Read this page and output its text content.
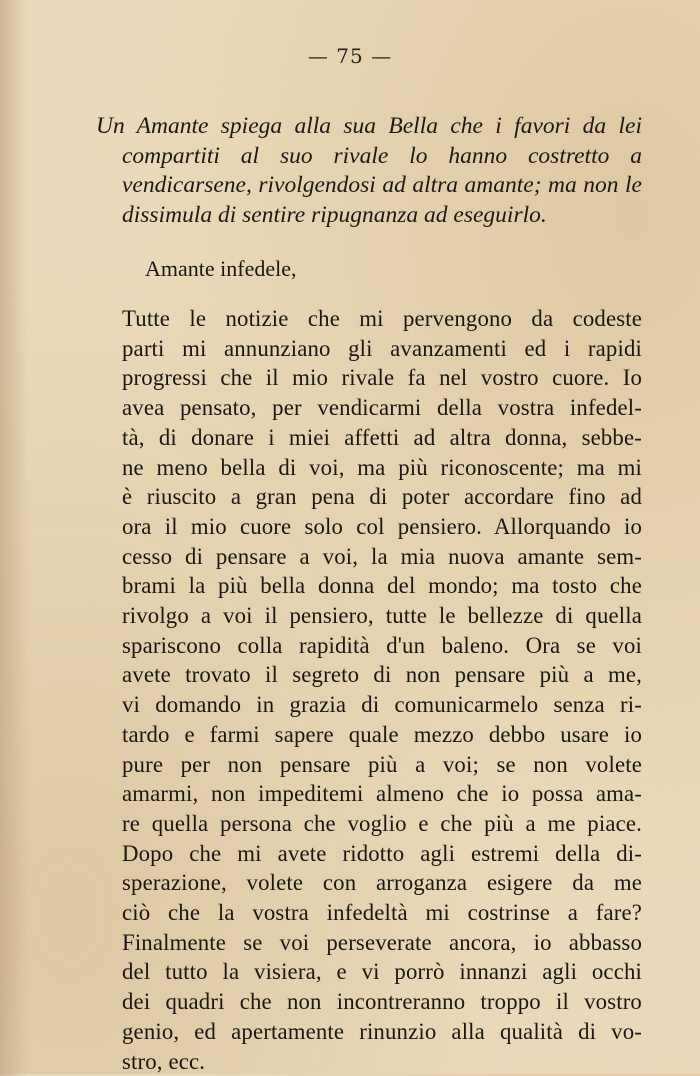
— 75 —

Un Amante spiega alla sua Bella che i favori da lei compartiti al suo rivale lo hanno costretto a vendicarsene, rivolgendosi ad altra amante; ma non le dissimula di sentire ripugnanza ad eseguirlo.

Amante infedele,

Tutte le notizie che mi pervengono da codeste
parti mi annunziano gli avanzamenti ed i rapidi
progressi che il mio rivale fa nel vostro cuore. Io
avea pensato, per vendicarmi della vostra infedel-
tà, di donare i miei affetti ad altra donna, sebbe-
ne meno bella di voi, ma più riconoscente; ma mi
è riuscito a gran pena di poter accordare fino ad
ora il mio cuore solo col pensiero. Allorquando io
cesso di pensare a voi, la mia nuova amante sem-
brami la più bella donna del mondo; ma tosto che
rivolgo a voi il pensiero, tutte le bellezze di quella
spariscono colla rapidità d'un baleno. Ora se voi
avete trovato il segreto di non pensare più a me,
vi domando in grazia di comunicarmelo senza ri-
tardo e farmi sapere quale mezzo debbo usare io
pure per non pensare più a voi; se non volete
amarmi, non impeditemi almeno che io possa ama-
re quella persona che voglio e che più a me piace.
Dopo che mi avete ridotto agli estremi della di-
sperazione, volete con arroganza esigere da me
ciò che la vostra infedeltà mi costrinse a fare?
Finalmente se voi perseverate ancora, io abbasso
del tutto la visiera, e vi porrò innanzi agli occhi
dei quadri che non incontreranno troppo il vostro
genio, ed apertamente rinunzio alla qualità di vo-
stro, ecc.
